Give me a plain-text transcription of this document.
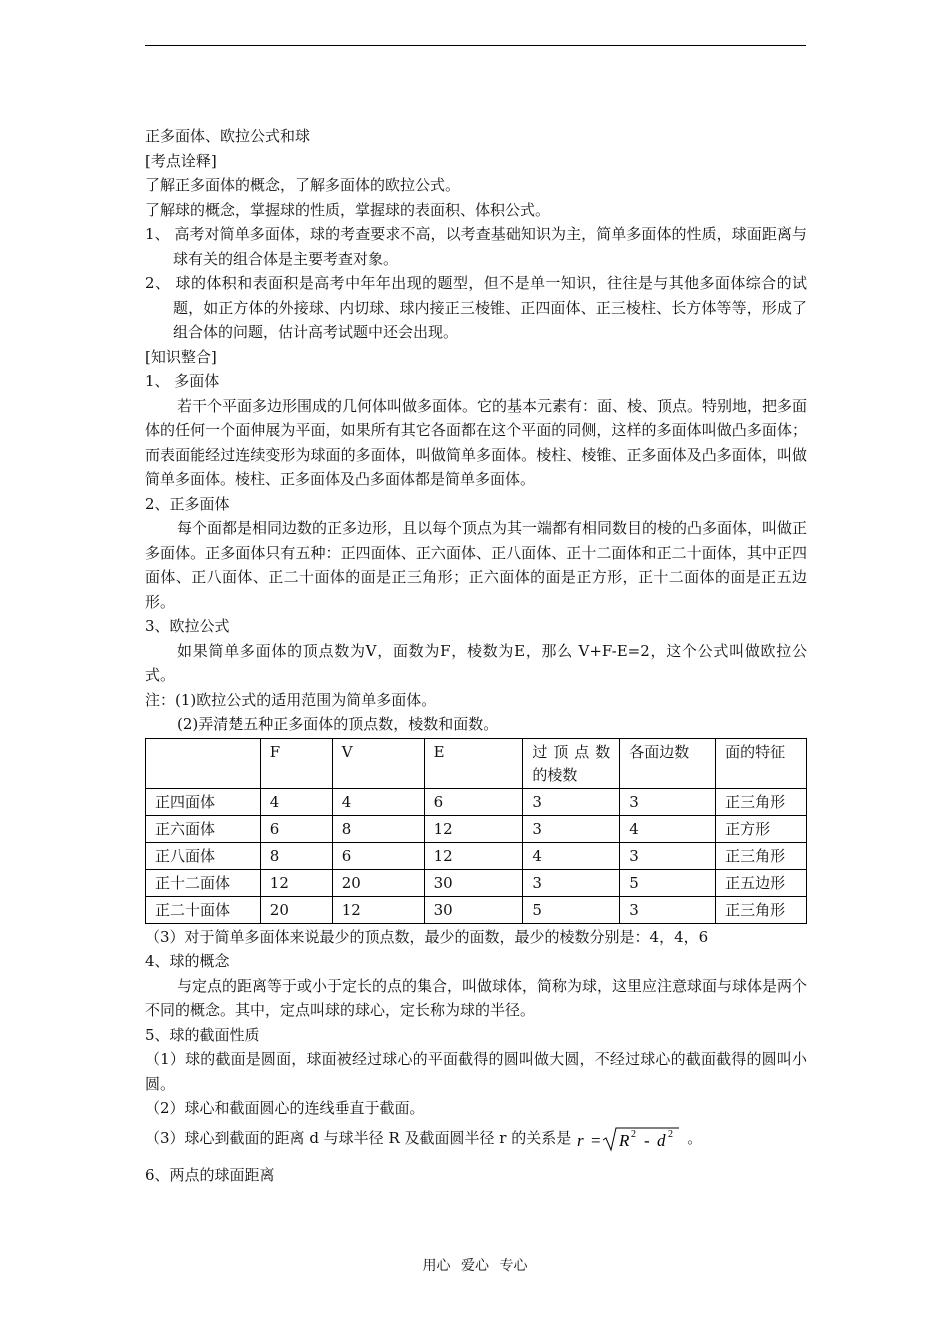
正多面体、欧拉公式和球

[考点诠释]

了解正多面体的概念，了解多面体的欧拉公式。

了解球的概念，掌握球的性质，掌握球的表面积、体积公式。

1、 高考对简单多面体，球的考查要求不高，以考查基础知识为主，简单多面体的性质，球面距离与球有关的组合体是主要考查对象。

2、 球的体积和表面积是高考中年年出现的题型，但不是单一知识，往往是与其他多面体综合的试题，如正方体的外接球、内切球、球内接正三棱锥、正四面体、正三棱柱、长方体等等，形成了组合体的问题，估计高考试题中还会出现。

[知识整合]

1、 多面体

若干个平面多边形围成的几何体叫做多面体。它的基本元素有：面、棱、顶点。特别地，把多面体的任何一个面伸展为平面，如果所有其它各面都在这个平面的同侧，这样的多面体叫做凸多面体；而表面能经过连续变形为球面的多面体，叫做简单多面体。棱柱、棱锥、正多面体及凸多面体，叫做简单多面体。棱柱、正多面体及凸多面体都是简单多面体。

2、正多面体

每个面都是相同边数的正多边形，且以每个顶点为其一端都有相同数目的棱的凸多面体，叫做正多面体。正多面体只有五种：正四面体、正六面体、正八面体、正十二面体和正二十面体，其中正四面体、正八面体、正二十面体的面是正三角形；正六面体的面是正方形，正十二面体的面是正五边形。

3、欧拉公式

如果简单多面体的顶点数为V，面数为F，棱数为E，那么 V+F-E=2，这个公式叫做欧拉公式。

注：(1)欧拉公式的适用范围为简单多面体。

(2)弄清楚五种正多面体的顶点数，棱数和面数。

	F	V	E	过 顶 点 数的棱数	各面边数	面的特征
正四面体	4	4	6	3	3	正三角形
正六面体	6	8	12	3	4	正方形
正八面体	8	6	12	4	3	正三角形
正十二面体	12	20	30	3	5	正五边形
正二十面体	20	12	30	5	3	正三角形

（3）对于简单多面体来说最少的顶点数，最少的面数，最少的棱数分别是：4，4，6

4、球的概念

与定点的距离等于或小于定长的点的集合，叫做球体，简称为球，这里应注意球面与球体是两个不同的概念。其中，定点叫球的球心，定长称为球的半径。

5、球的截面性质

（1）球的截面是圆面，球面被经过球心的平面截得的圆叫做大圆，不经过球心的截面截得的圆叫小圆。

（2）球心和截面圆心的连线垂直于截面。

（3）球心到截面的距离 d 与球半径 R 及截面圆半径 r 的关系是 r = R 2 - d 2 。

6、两点的球面距离

用心 爱心 专心
